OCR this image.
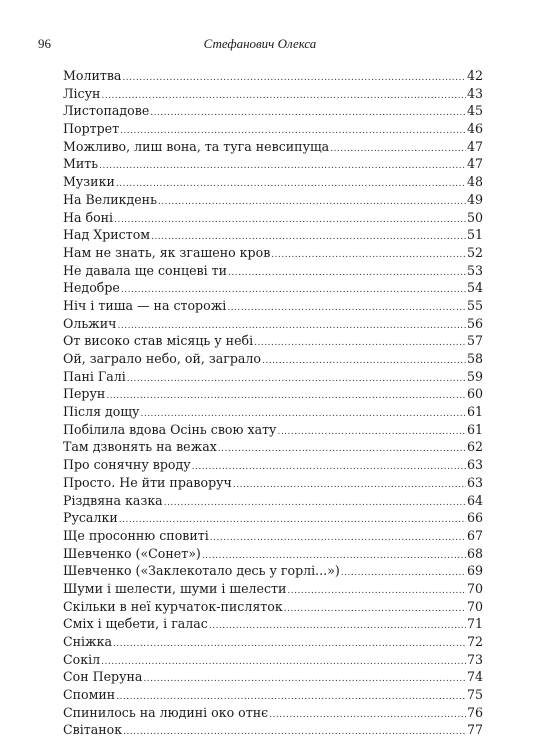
96	Стефанович Олекса
Молитва .....	42
Лісун .....	43
Листопадове .....	45
Портрет .....	46
Можливо, лиш вона, та туга невсипуща .....	47
Мить .....	47
Музики .....	48
На Великдень .....	49
На боні .....	50
Над Христом .....	51
Нам не знать, як згашено кров .....	52
Не давала ще сонцеві ти .....	53
Недобре .....	54
Ніч і тиша — на сторожі .....	55
Ольжич .....	56
От високо став місяць у небі .....	57
Ой, заграло небо, ой, заграло .....	58
Пані Галі .....	59
Перун .....	60
Після дощу .....	61
Побілила вдова Осінь свою хату .....	61
Там дзвонять на вежах .....	62
Про сонячну вроду .....	63
Просто. Не йти праворуч .....	63
Різдвяна казка .....	64
Русалки .....	66
Ще просонню сповиті .....	67
Шевченко («Сонет») .....	68
Шевченко («Заклекотало десь у горлі...») .....	69
Шуми і шелести, шуми і шелести .....	70
Скільки в неї курчаток-писляток .....	70
Сміх і щебети, і галас .....	71
Сніжка .....	72
Сокіл .....	73
Сон Перуна .....	74
Спомин .....	75
Спинилось на людині око отнє .....	76
Світанок .....	77
